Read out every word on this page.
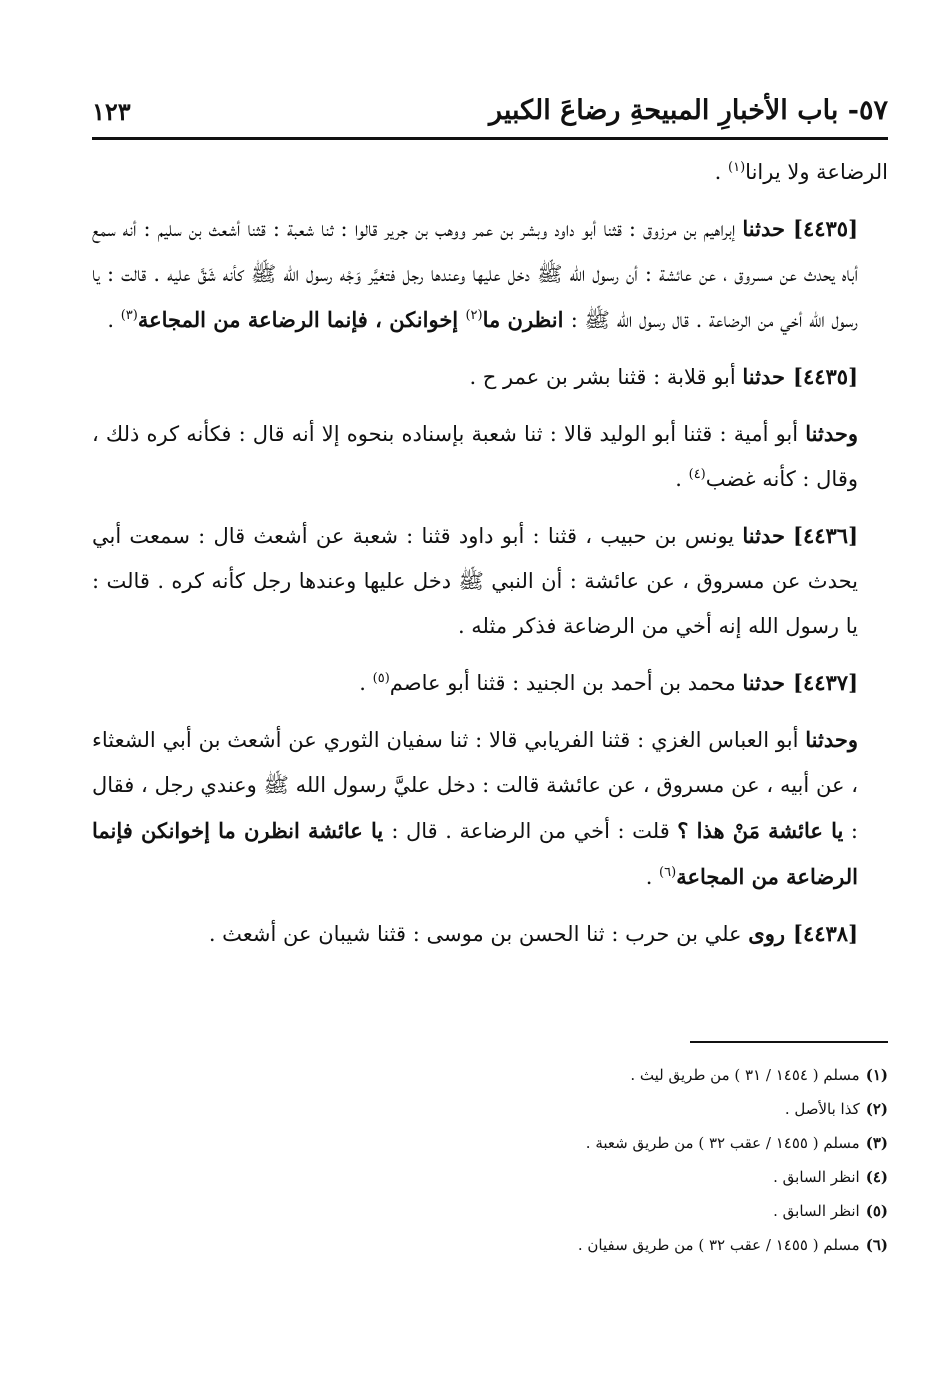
٥٧- باب الأخبارِ المبيحةِ رضاعَ الكبير
١٢٣

الرضاعة ولا يرانا$^{(١)}$ .

[٤٤٣٥]حدثنا إبراهيم بن مرزوق : قثنا أبو داود وبشر بن عمر ووهب بن جرير قالوا : ثنا شعبة : قثنا أشعث بن سليم : أنه سمع أباه يحدث عن مسروق ، عن عائشة : أن رسول الله ﷺ دخل عليها وعندها رجل فتغيَّر وَجْه رسول الله ﷺ كأنه شَقَّ عليه . قالت : يا رسول الله أخي من الرضاعة . قال رسول الله ﷺ : انظرن ما$^{(٢)}$ إخوانكن ، فإنما الرضاعة من المجاعة$^{(٣)}$ .

[٤٤٣٥]حدثنا أبو قلابة : قثنا بشر بن عمر ح .

وحدثنا أبو أمية : قثنا أبو الوليد قالا : ثنا شعبة بإسناده بنحوه إلا أنه قال : فكأنه كره ذلك ، وقال : كأنه غضب$^{(٤)}$ .

[٤٤٣٦]حدثنا يونس بن حبيب ، قثنا : أبو داود قثنا : شعبة عن أشعث قال : سمعت أبي يحدث عن مسروق ، عن عائشة : أن النبي ﷺ دخل عليها وعندها رجل كأنه كره . قالت : يا رسول الله إنه أخي من الرضاعة فذكر مثله .

[٤٤٣٧]حدثنا محمد بن أحمد بن الجنيد : قثنا أبو عاصم$^{(٥)}$ .

وحدثنا أبو العباس الغزي : قثنا الفريابي قالا : ثنا سفيان الثوري عن أشعث بن أبي الشعثاء ، عن أبيه ، عن مسروق ، عن عائشة قالت : دخل عليَّ رسول الله ﷺ وعندي رجل ، فقال : يا عائشة مَنْ هذا ؟ قلت : أخي من الرضاعة . قال : يا عائشة انظرن ما إخوانكن فإنما الرضاعة من المجاعة$^{(٦)}$ .

[٤٤٣٨]روى علي بن حرب : ثنا الحسن بن موسى : قثنا شيبان عن أشعث .

(١)مسلم ( ١٤٥٤ / ٣١ ) من طريق ليث .
(٢)كذا بالأصل .
(٣)مسلم ( ١٤٥٥ / عقب ٣٢ ) من طريق شعبة .
(٤)انظر السابق .
(٥)انظر السابق .
(٦)مسلم ( ١٤٥٥ / عقب ٣٢ ) من طريق سفيان .
